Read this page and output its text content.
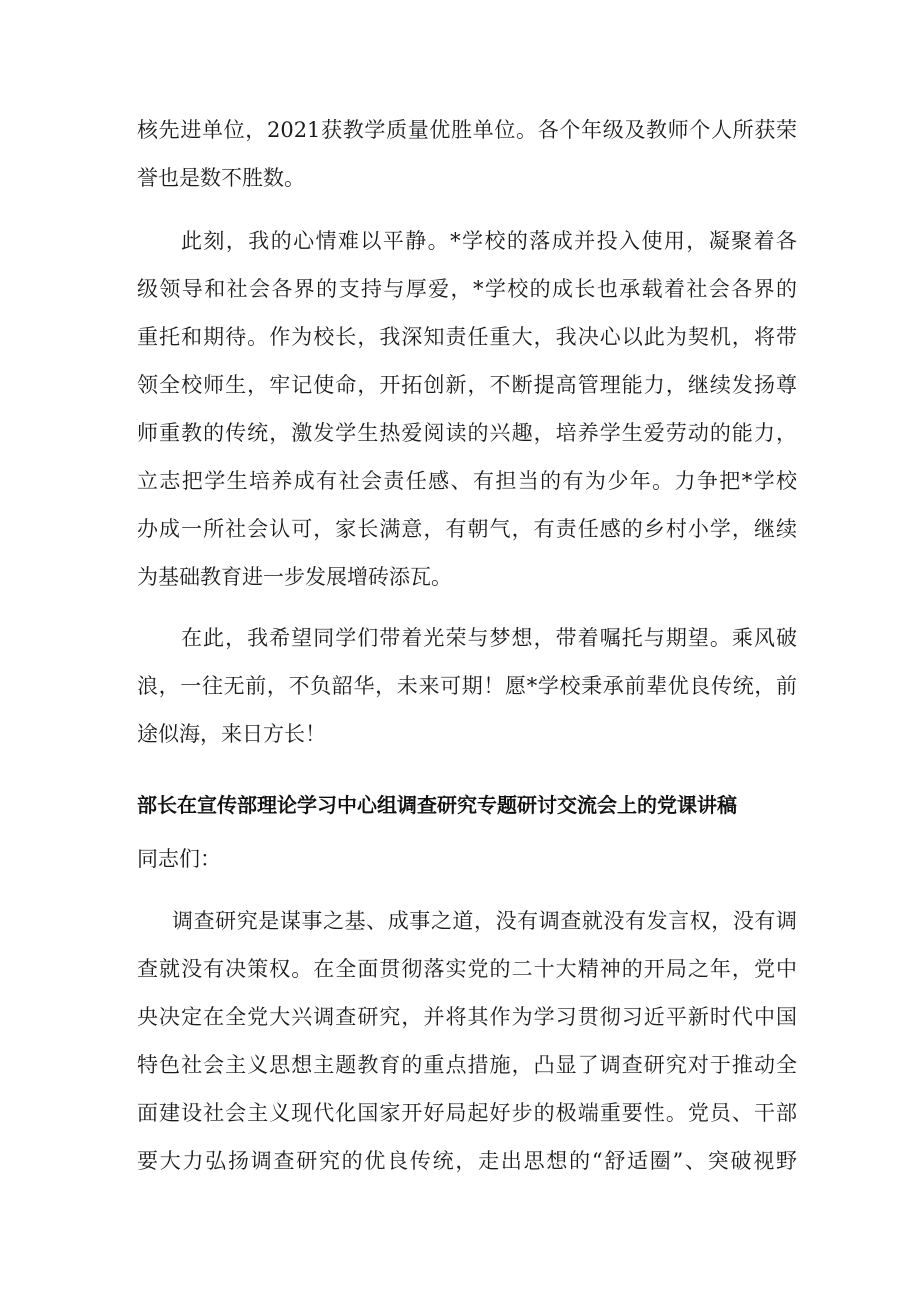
核先进单位，2021获教学质量优胜单位。各个年级及教师个人所获荣
誉也是数不胜数。
此刻，我的心情难以平静。*学校的落成并投入使用，凝聚着各
级领导和社会各界的支持与厚爱，*学校的成长也承载着社会各界的
重托和期待。作为校长，我深知责任重大，我决心以此为契机，将带
领全校师生，牢记使命，开拓创新，不断提高管理能力，继续发扬尊
师重教的传统，激发学生热爱阅读的兴趣，培养学生爱劳动的能力，
立志把学生培养成有社会责任感、有担当的有为少年。力争把*学校
办成一所社会认可，家长满意，有朝气，有责任感的乡村小学，继续
为基础教育进一步发展增砖添瓦。
在此，我希望同学们带着光荣与梦想，带着嘱托与期望。乘风破
浪，一往无前，不负韶华，未来可期！愿*学校秉承前辈优良传统，前
途似海，来日方长！
部长在宣传部理论学习中心组调查研究专题研讨交流会上的党课讲稿
同志们：
调查研究是谋事之基、成事之道，没有调查就没有发言权，没有调
查就没有决策权。在全面贯彻落实党的二十大精神的开局之年，党中
央决定在全党大兴调查研究，并将其作为学习贯彻习近平新时代中国
特色社会主义思想主题教育的重点措施，凸显了调查研究对于推动全
面建设社会主义现代化国家开好局起好步的极端重要性。党员、干部
要大力弘扬调查研究的优良传统，走出思想的“舒适圈”、突破视野
